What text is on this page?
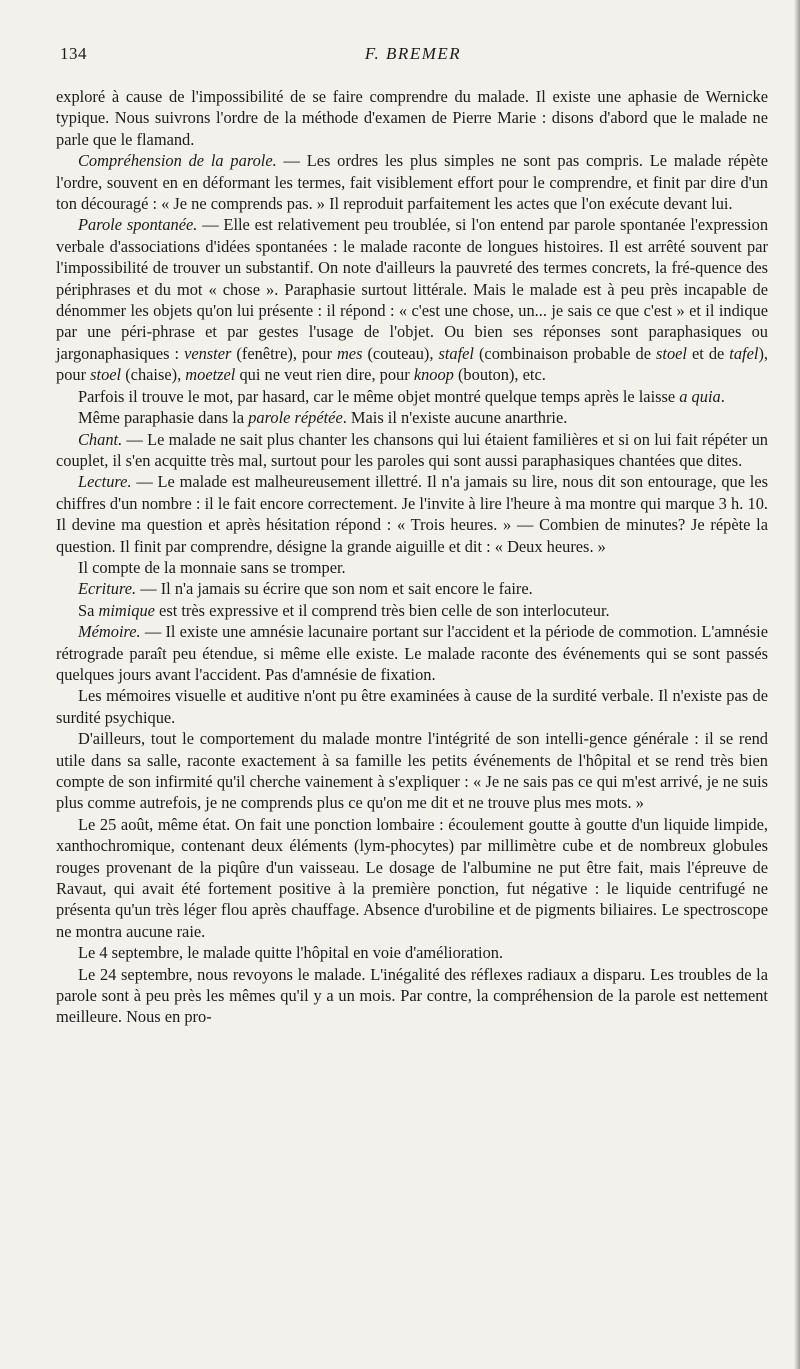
134	F. BREMER

exploré à cause de l'impossibilité de se faire comprendre du malade. Il existe une aphasie de Wernicke typique. Nous suivrons l'ordre de la méthode d'examen de Pierre Marie : disons d'abord que le malade ne parle que le flamand.

Compréhension de la parole. — Les ordres les plus simples ne sont pas compris. Le malade répète l'ordre, souvent en en déformant les termes, fait visiblement effort pour le comprendre, et finit par dire d'un ton découragé : « Je ne comprends pas. » Il reproduit parfaitement les actes que l'on exécute devant lui.

Parole spontanée. — Elle est relativement peu troublée, si l'on entend par parole spontanée l'expression verbale d'associations d'idées spontanées : le malade raconte de longues histoires. Il est arrêté souvent par l'impossibilité de trouver un substantif. On note d'ailleurs la pauvreté des termes concrets, la fré-quence des périphrases et du mot « chose ». Paraphasie surtout littérale. Mais le malade est à peu près incapable de dénommer les objets qu'on lui présente : il répond : « c'est une chose, un... je sais ce que c'est » et il indique par une péri-phrase et par gestes l'usage de l'objet. Ou bien ses réponses sont paraphasiques ou jargonaphasiques : venster (fenêtre), pour mes (couteau), stafel (combinaison probable de stoel et de tafel), pour stoel (chaise), moetzel qui ne veut rien dire, pour knoop (bouton), etc.

Parfois il trouve le mot, par hasard, car le même objet montré quelque temps après le laisse a quia.

Même paraphasie dans la parole répétée. Mais il n'existe aucune anarthrie.

Chant. — Le malade ne sait plus chanter les chansons qui lui étaient familières et si on lui fait répéter un couplet, il s'en acquitte très mal, surtout pour les paroles qui sont aussi paraphasiques chantées que dites.

Lecture. — Le malade est malheureusement illettré. Il n'a jamais su lire, nous dit son entourage, que les chiffres d'un nombre : il le fait encore correctement. Je l'invite à lire l'heure à ma montre qui marque 3 h. 10. Il devine ma question et après hésitation répond : « Trois heures. » — Combien de minutes? Je répète la question. Il finit par comprendre, désigne la grande aiguille et dit : « Deux heures. »

Il compte de la monnaie sans se tromper.

Ecriture. — Il n'a jamais su écrire que son nom et sait encore le faire.

Sa mimique est très expressive et il comprend très bien celle de son interlocuteur.

Mémoire. — Il existe une amnésie lacunaire portant sur l'accident et la période de commotion. L'amnésie rétrograde paraît peu étendue, si même elle existe. Le malade raconte des événements qui se sont passés quelques jours avant l'accident. Pas d'amnésie de fixation.

Les mémoires visuelle et auditive n'ont pu être examinées à cause de la surdité verbale. Il n'existe pas de surdité psychique.

D'ailleurs, tout le comportement du malade montre l'intégrité de son intelli-gence générale : il se rend utile dans sa salle, raconte exactement à sa famille les petits événements de l'hôpital et se rend très bien compte de son infirmité qu'il cherche vainement à s'expliquer : « Je ne sais pas ce qui m'est arrivé, je ne suis plus comme autrefois, je ne comprends plus ce qu'on me dit et ne trouve plus mes mots. »

Le 25 août, même état. On fait une ponction lombaire : écoulement goutte à goutte d'un liquide limpide, xanthochromique, contenant deux éléments (lym-phocytes) par millimètre cube et de nombreux globules rouges provenant de la piqûre d'un vaisseau. Le dosage de l'albumine ne put être fait, mais l'épreuve de Ravaut, qui avait été fortement positive à la première ponction, fut négative : le liquide centrifugé ne présenta qu'un très léger flou après chauffage. Absence d'urobiline et de pigments biliaires. Le spectroscope ne montra aucune raie.

Le 4 septembre, le malade quitte l'hôpital en voie d'amélioration.

Le 24 septembre, nous revoyons le malade. L'inégalité des réflexes radiaux a disparu. Les troubles de la parole sont à peu près les mêmes qu'il y a un mois. Par contre, la compréhension de la parole est nettement meilleure. Nous en pro-
